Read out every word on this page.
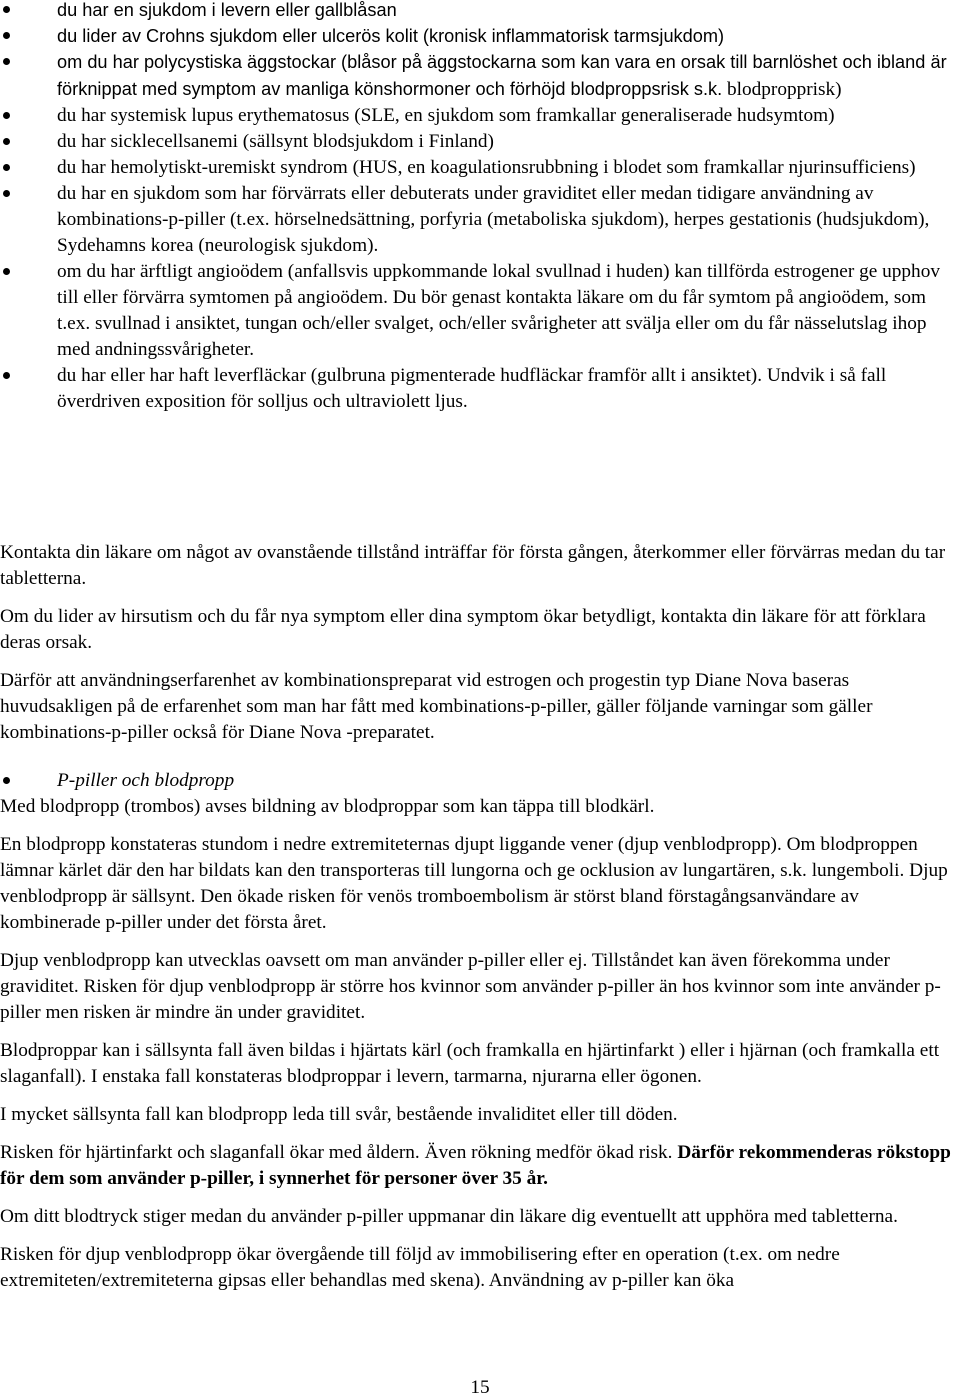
du har en sjukdom i levern eller gallblåsan
du lider av Crohns sjukdom eller ulcerös kolit (kronisk inflammatorisk tarmsjukdom)
om du har polycystiska äggstockar (blåsor på äggstockarna som kan vara en orsak till barnlöshet och ibland är förknippat med symptom av manliga könshormoner och förhöjd blodproppsrisk s.k. blodpropprisk)
du har systemisk lupus erythematosus (SLE, en sjukdom som framkallar generaliserade hudsymtom)
du har sicklecellsanemi (sällsynt blodsjukdom i Finland)
du har hemolytiskt-uremiskt syndrom (HUS, en koagulationsrubbning i blodet som framkallar njurinsufficiens)
du har en sjukdom som har förvärrats eller debuterats under graviditet eller medan tidigare användning av kombinations-p-piller (t.ex. hörselnedsättning, porfyria (metaboliska sjukdom), herpes gestationis (hudsjukdom), Sydehamns korea (neurologisk sjukdom).
om du har ärftligt angioödem (anfallsvis uppkommande lokal svullnad i huden) kan tillförda estrogener ge upphov till eller förvärra symtomen på angioödem. Du bör genast kontakta läkare om du får symtom på angioödem, som t.ex. svullnad i ansiktet, tungan och/eller svalget, och/eller svårigheter att svälja eller om du får nässelutslag ihop med andningssvårigheter.
du har eller har haft leverfläckar (gulbruna pigmenterade hudfläckar framför allt i ansiktet). Undvik i så fall överdriven exposition för solljus och ultraviolett ljus.

Kontakta din läkare om något av ovanstående tillstånd inträffar för första gången, återkommer eller förvärras medan du tar tabletterna.

Om du lider av hirsutism och du får nya symptom eller dina symptom ökar betydligt, kontakta din läkare för att förklara deras orsak.

Därför att användningserfarenhet av kombinationspreparat vid estrogen och progestin typ Diane Nova baseras huvudsakligen på de erfarenhet som man har fått med kombinations-p-piller, gäller följande varningar som gäller kombinations-p-piller också för Diane Nova -preparatet.

P-piller och blodpropp

Med blodpropp (trombos) avses bildning av blodproppar som kan täppa till blodkärl.

En blodpropp konstateras stundom i nedre extremiteternas djupt liggande vener (djup venblodpropp). Om blodproppen lämnar kärlet där den har bildats kan den transporteras till lungorna och ge ocklusion av lungartären, s.k. lungemboli. Djup venblodpropp är sällsynt. Den ökade risken för venös tromboembolism är störst bland förstagångsanvändare av kombinerade p-piller under det första året.

Djup venblodpropp kan utvecklas oavsett om man använder p-piller eller ej. Tillståndet kan även förekomma under graviditet. Risken för djup venblodpropp är större hos kvinnor som använder p-piller än hos kvinnor som inte använder p-piller men risken är mindre än under graviditet.

Blodproppar kan i sällsynta fall även bildas i hjärtats kärl (och framkalla en hjärtinfarkt ) eller i hjärnan (och framkalla ett slaganfall). I enstaka fall konstateras blodproppar i levern, tarmarna, njurarna eller ögonen.

I mycket sällsynta fall kan blodpropp leda till svår, bestående invaliditet eller till döden.

Risken för hjärtinfarkt och slaganfall ökar med åldern. Även rökning medför ökad risk. Därför rekommenderas rökstopp för dem som använder p-piller, i synnerhet för personer över 35 år.

Om ditt blodtryck stiger medan du använder p-piller uppmanar din läkare dig eventuellt att upphöra med tabletterna.

Risken för djup venblodpropp ökar övergående till följd av immobilisering efter en operation (t.ex. om nedre extremiteten/extremiteterna gipsas eller behandlas med skena). Användning av p-piller kan öka

15
